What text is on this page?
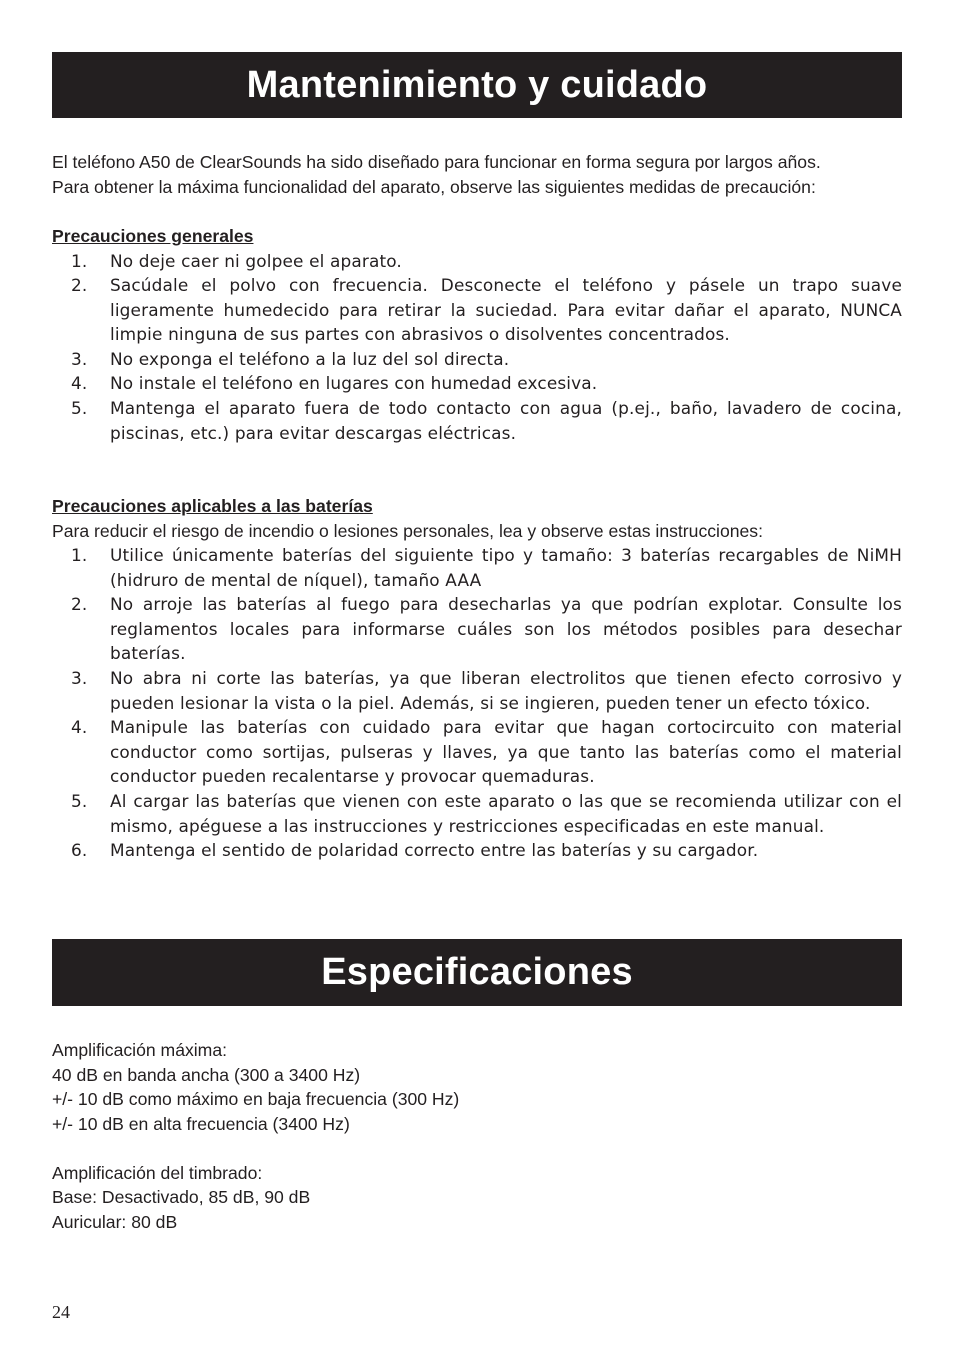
Mantenimiento y cuidado

El teléfono A50 de ClearSounds ha sido diseñado para funcionar en forma segura por largos años.

Para obtener la máxima funcionalidad del aparato, observe las siguientes medidas de precaución:

Precauciones generales

1. No deje caer ni golpee el aparato.
2. Sacúdale el polvo con frecuencia. Desconecte el teléfono y pásele un trapo suave ligeramente humedecido para retirar la suciedad. Para evitar dañar el aparato, NUNCA limpie ninguna de sus partes con abrasivos o disolventes concentrados.
3. No exponga el teléfono a la luz del sol directa.
4. No instale el teléfono en lugares con humedad excesiva.
5. Mantenga el aparato fuera de todo contacto con agua (p.ej., baño, lavadero de cocina, piscinas, etc.) para evitar descargas eléctricas.

Precauciones aplicables a las baterías

Para reducir el riesgo de incendio o lesiones personales, lea y observe estas instrucciones:

1. Utilice únicamente baterías del siguiente tipo y tamaño: 3 baterías recargables de NiMH (hidruro de mental de níquel), tamaño AAA
2. No arroje las baterías al fuego para desecharlas ya que podrían explotar. Consulte los reglamentos locales para informarse cuáles son los métodos posibles para desechar baterías.
3. No abra ni corte las baterías, ya que liberan electrolitos que tienen efecto corrosivo y pueden lesionar la vista o la piel. Además, si se ingieren, pueden tener un efecto tóxico.
4. Manipule las baterías con cuidado para evitar que hagan cortocircuito con material conductor como sortijas, pulseras y llaves, ya que tanto las baterías como el material conductor pueden recalentarse y provocar quemaduras.
5. Al cargar las baterías que vienen con este aparato o las que se recomienda utilizar con el mismo, apéguese a las instrucciones y restricciones especificadas en este manual.
6. Mantenga el sentido de polaridad correcto entre las baterías y su cargador.
Especificaciones

Amplificación máxima:

40 dB en banda ancha (300 a 3400 Hz)

+/- 10 dB como máximo en baja frecuencia (300 Hz)

+/- 10 dB en alta frecuencia (3400 Hz)

Amplificación del timbrado:

Base: Desactivado, 85 dB, 90 dB

Auricular: 80 dB

24
